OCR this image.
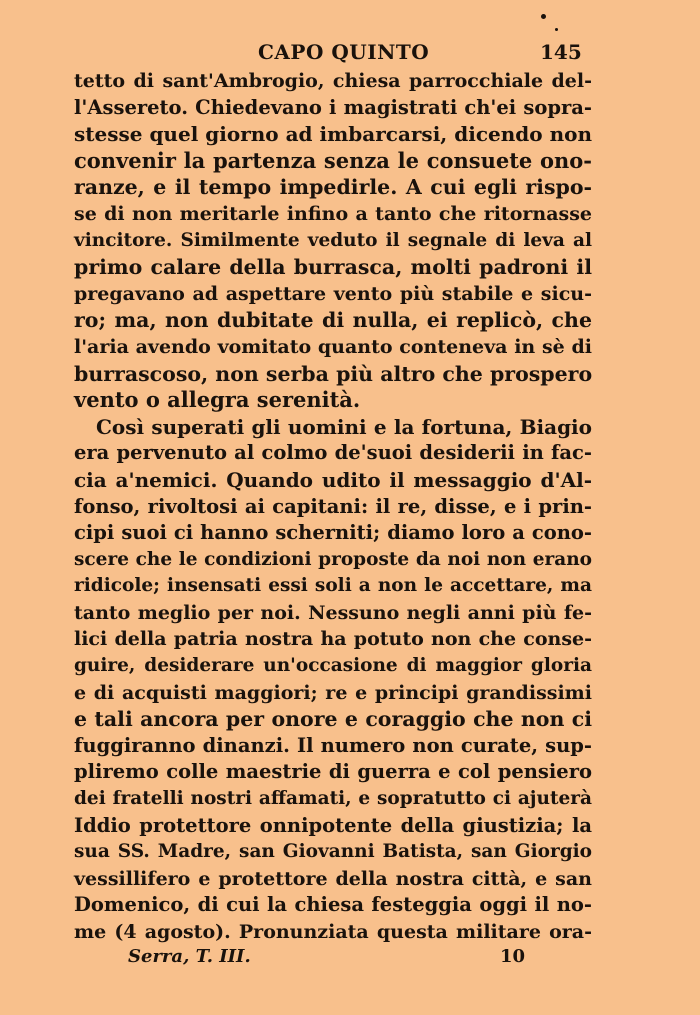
CAPO QUINTO	145
tetto di sant'Ambrogio, chiesa parrocchiale del-
l'Assereto. Chiedevano i magistrati ch'ei sopra-
stesse quel giorno ad imbarcarsi, dicendo non
convenir la partenza senza le consuete ono-
ranze, e il tempo impedirle. A cui egli rispo-
se di non meritarle infino a tanto che ritornasse
vincitore. Similmente veduto il segnale di leva al
primo calare della burrasca, molti padroni il
pregavano ad aspettare vento più stabile e sicu-
ro; ma, non dubitate di nulla, ei replicò, che
l'aria avendo vomitato quanto conteneva in sè di
burrascoso, non serba più altro che prospero
vento o allegra serenità.
Così superati gli uomini e la fortuna, Biagio
era pervenuto al colmo de'suoi desiderii in fac-
cia a'nemici. Quando udito il messaggio d'Al-
fonso, rivoltosi ai capitani: il re, disse, e i prin-
cipi suoi ci hanno scherniti; diamo loro a cono-
scere che le condizioni proposte da noi non erano
ridicole; insensati essi soli a non le accettare, ma
tanto meglio per noi. Nessuno negli anni più fe-
lici della patria nostra ha potuto non che conse-
guire, desiderare un'occasione di maggior gloria
e di acquisti maggiori; re e principi grandissimi
e tali ancora per onore e coraggio che non ci
fuggiranno dinanzi. Il numero non curate, sup-
pliremo colle maestrie di guerra e col pensiero
dei fratelli nostri affamati, e sopratutto ci ajuterà
Iddio protettore onnipotente della giustizia; la
sua SS. Madre, san Giovanni Batista, san Giorgio
vessillifero e protettore della nostra città, e san
Domenico, di cui la chiesa festeggia oggi il no-
me (4 agosto). Pronunziata questa militare ora-
Serra, T. III.	10
